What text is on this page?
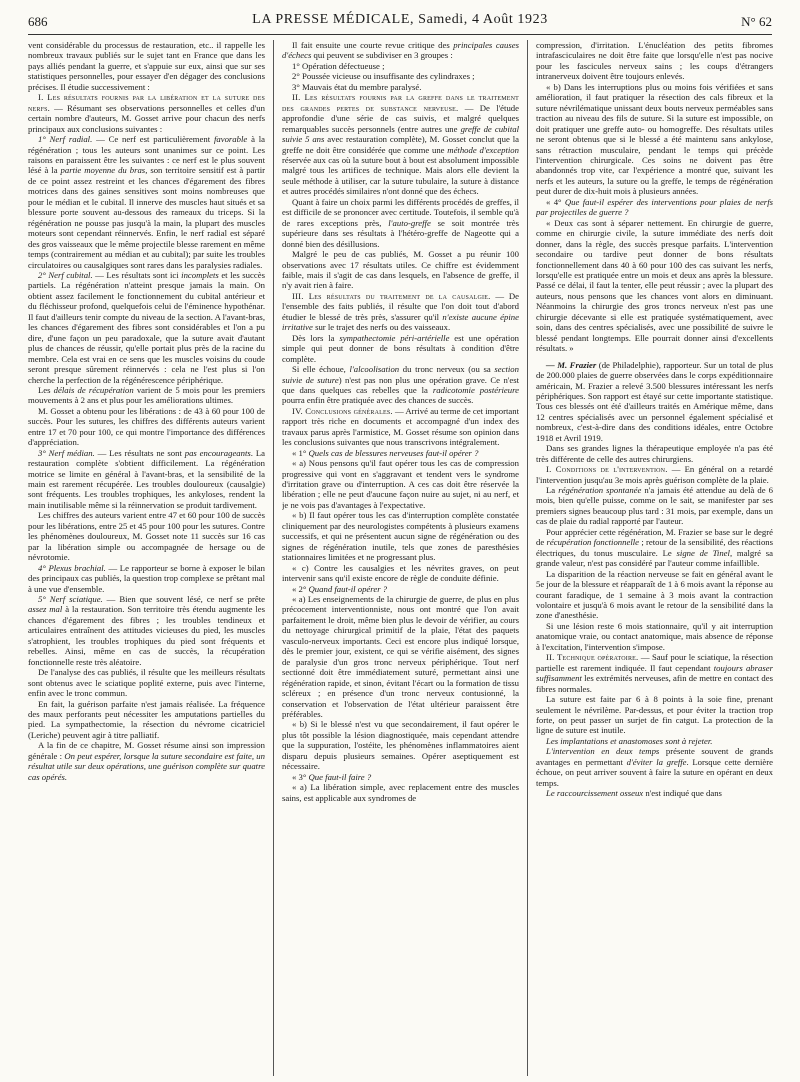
686	LA PRESSE MÉDICALE, Samedi, 4 Août 1923	N° 62

vent considérable du processus de restauration, etc.. il rappelle les nombreux travaux publiés sur le sujet tant en France que dans les pays alliés pendant la guerre, et s'appuie sur eux, ainsi que sur ses statistiques personnelles, pour essayer d'en dégager des conclusions précises. Il étudie successivement :

I. Les résultats fournis par la libération et la suture des nerfs. — Résumant ses observations personnelles et celles d'un certain nombre d'auteurs, M. Gosset arrive pour chacun des nerfs principaux aux conclusions suivantes :

1° Nerf radial. — Ce nerf est particulièrement favorable à la régénération ; tous les auteurs sont unanimes sur ce point. Les raisons en paraissent être les suivantes : ce nerf est le plus souvent lésé à la partie moyenne du bras, son territoire sensitif est à partir de ce point assez restreint et les chances d'égarement des fibres motrices dans des gaines sensitives sont moins nombreuses que pour le médian et le cubital. Il innerve des muscles haut situés et sa blessure porte souvent au-dessous des rameaux du triceps. Si la régénération ne pousse pas jusqu'à la main, la plupart des muscles moteurs sont cependant réinnervés. Enfin, le nerf radial est séparé des gros vaisseaux que le même projectile blesse rarement en même temps (contrairement au médian et au cubital); par suite les troubles circulatoires ou causalgiques sont rares dans les paralysies radiales.

2° Nerf cubital. — Les résultats sont ici incomplets et les succès partiels. La régénération n'atteint presque jamais la main. On obtient assez facilement le fonctionnement du cubital antérieur et du fléchisseur profond, quelquefois celui de l'éminence hypothénar. Il faut d'ailleurs tenir compte du niveau de la section. A l'avant-bras, les chances d'égarement des fibres sont considérables et l'on a pu dire, d'une façon un peu paradoxale, que la suture avait d'autant plus de chances de réussir, qu'elle portait plus près de la racine du membre. Cela est vrai en ce sens que les muscles voisins du coude seront presque sûrement réinnervés : cela ne l'est plus si l'on cherche la perfection de la régénérescence périphérique.

Les délais de récupération varient de 5 mois pour les premiers mouvements à 2 ans et plus pour les améliorations ultimes.

M. Gosset a obtenu pour les libérations : de 43 à 60 pour 100 de succès. Pour les sutures, les chiffres des différents auteurs varient entre 17 et 70 pour 100, ce qui montre l'importance des différences d'appréciation.

3° Nerf médian. — Les résultats ne sont pas encourageants. La restauration complète s'obtient difficilement. La régénération motrice se limite en général à l'avant-bras, et la sensibilité de la main est rarement récupérée. Les troubles douloureux (causalgie) sont fréquents. Les troubles trophiques, les ankyloses, rendent la main inutilisable même si la réinnervation se produit tardivement.

Les chiffres des auteurs varient entre 47 et 60 pour 100 de succès pour les libérations, entre 25 et 45 pour 100 pour les sutures. Contre les phénomènes douloureux, M. Gosset note 11 succès sur 16 cas par la libération simple ou accompagnée de hersage ou de névrotomie.

4° Plexus brachial. — Le rapporteur se borne à exposer le bilan des principaux cas publiés, la question trop complexe se prêtant mal à une vue d'ensemble.

5° Nerf sciatique. — Bien que souvent lésé, ce nerf se prête assez mal à la restauration. Son territoire très étendu augmente les chances d'égarement des fibres ; les troubles tendineux et articulaires entraînent des attitudes vicieuses du pied, les muscles s'atrophient, les troubles trophiques du pied sont fréquents et rebelles. Ainsi, même en cas de succès, la récupération fonctionnelle reste très aléatoire.

De l'analyse des cas publiés, il résulte que les meilleurs résultats sont obtenus avec le sciatique poplité externe, puis avec l'interne, enfin avec le tronc commun.

En fait, la guérison parfaite n'est jamais réalisée. La fréquence des maux perforants peut nécessiter les amputations partielles du pied. La sympathectomie, la résection du névrome cicatriciel (Leriche) peuvent agir à titre palliatif.

A la fin de ce chapitre, M. Gosset résume ainsi son impression générale : On peut espérer, lorsque la suture secondaire est faite, un résultat utile sur deux opérations, une guérison complète sur quatre cas opérés.

Il fait ensuite une courte revue critique des principales causes d'échecs qui peuvent se subdiviser en 3 groupes :

1° Opération défectueuse ;

2° Poussée vicieuse ou insuffisante des cylindraxes ;

3° Mauvais état du membre paralysé.

II. Les résultats fournis par la greffe dans le traitement des grandes pertes de substance nerveuse. — De l'étude approfondie d'une série de cas suivis, et malgré quelques remarquables succès personnels (entre autres une greffe de cubital suivie 5 ans avec restauration complète), M. Gosset conclut que la greffe ne doit être considérée que comme une méthode d'exception réservée aux cas où la suture bout à bout est absolument impossible malgré tous les artifices de technique. Mais alors elle devient la seule méthode à utiliser, car la suture tubulaire, la suture à distance et autres procédés similaires n'ont donné que des échecs.

Quant à faire un choix parmi les différents procédés de greffes, il est difficile de se prononcer avec certitude. Toutefois, il semble qu'à de rares exceptions près, l'auto-greffe se soit montrée très supérieure dans ses résultats à l'hétéro-greffe de Nageotte qui a donné bien des désillusions.

Malgré le peu de cas publiés, M. Gosset a pu réunir 100 observations avec 17 résultats utiles. Ce chiffre est évidemment faible, mais il s'agit de cas dans lesquels, en l'absence de greffe, il n'y avait rien à faire.

III. Les résultats du traitement de la causalgie. — De l'ensemble des faits publiés, il résulte que l'on doit tout d'abord étudier le blessé de très près, s'assurer qu'il n'existe aucune épine irritative sur le trajet des nerfs ou des vaisseaux.

Dès lors la sympathectomie péri-artérielle est une opération simple qui peut donner de bons résultats à condition d'être complète.

Si elle échoue, l'alcoolisation du tronc nerveux (ou sa section suivie de suture) n'est pas non plus une opération grave. Ce n'est que dans quelques cas rebelles que la radicotomie postérieure pourra enfin être pratiquée avec des chances de succès.

IV. Conclusions générales. — Arrivé au terme de cet important rapport très riche en documents et accompagné d'un index des travaux parus après l'armistice, M. Gosset résume son opinion dans les conclusions suivantes que nous transcrivons intégralement.

« 1° Quels cas de blessures nerveuses faut-il opérer ?

« a) Nous pensons qu'il faut opérer tous les cas de compression progressive qui vont en s'aggravant et tendent vers le syndrome d'irritation grave ou d'interruption. A ces cas doit être réservée la libération ; elle ne peut d'aucune façon nuire au sujet, ni au nerf, et je ne vois pas d'avantages à l'expectative.

« b) Il faut opérer tous les cas d'interruption complète constatée cliniquement par des neurologistes compétents à plusieurs examens successifs, et qui ne présentent aucun signe de régénération ou des signes de régénération inutile, tels que zones de paresthésies stationnaires limitées et ne progressant plus.

« c) Contre les causalgies et les névrites graves, on peut intervenir sans qu'il existe encore de règle de conduite définie.

« 2° Quand faut-il opérer ?

« a) Les enseignements de la chirurgie de guerre, de plus en plus précocement interventionniste, nous ont montré que l'on avait parfaitement le droit, même bien plus le devoir de vérifier, au cours du nettoyage chirurgical primitif de la plaie, l'état des paquets vasculo-nerveux importants. Ceci est encore plus indiqué lorsque, dès le premier jour, existent, ce qui se vérifie aisément, des signes de paralysie d'un gros tronc nerveux périphérique. Tout nerf sectionné doit être immédiatement suturé, permettant ainsi une régénération rapide, et sinon, évitant l'écart ou la formation de tissu scléreux ; en présence d'un tronc nerveux contusionné, la conservation et l'observation de l'état ultérieur paraissent être préférables.

« b) Si le blessé n'est vu que secondairement, il faut opérer le plus tôt possible la lésion diagnostiquée, mais cependant attendre que la suppuration, l'ostéite, les phénomènes inflammatoires aient disparu depuis plusieurs semaines. Opérer aseptiquement est nécessaire.

« 3° Que faut-il faire ?

« a) La libération simple, avec replacement entre des muscles sains, est applicable aux syndromes de

compression, d'irritation. L'énucléation des petits fibromes intrafasciculaires ne doit être faite que lorsqu'elle n'est pas nocive pour les fascicules nerveux sains ; les coups d'étrangers intranerveux doivent être toujours enlevés.

« b) Dans les interruptions plus ou moins fois vérifiées et sans amélioration, il faut pratiquer la résection des cals fibreux et la suture névrilématique unissant deux bouts nerveux perméables sans traction au niveau des fils de suture. Si la suture est impossible, on doit pratiquer une greffe auto- ou homogreffe. Des résultats utiles ne seront obtenus que si le blessé a été maintenu sans ankylose, sans rétraction musculaire, pendant le temps qui précède l'intervention chirurgicale. Ces soins ne doivent pas être abandonnés trop vite, car l'expérience a montré que, suivant les nerfs et les auteurs, la suture ou la greffe, le temps de régénération peut durer de dix-huit mois à plusieurs années.

« 4° Que faut-il espérer des interventions pour plaies de nerfs par projectiles de guerre ?

« Deux cas sont à séparer nettement. En chirurgie de guerre, comme en chirurgie civile, la suture immédiate des nerfs doit donner, dans la règle, des succès presque parfaits. L'intervention secondaire ou tardive peut donner de bons résultats fonctionnellement dans 40 à 60 pour 100 des cas suivant les nerfs, lorsqu'elle est pratiquée entre un mois et deux ans après la blessure. Passé ce délai, il faut la tenter, elle peut réussir ; avec la plupart des auteurs, nous pensons que les chances vont alors en diminuant. Néanmoins la chirurgie des gros troncs nerveux n'est pas une chirurgie décevante si elle est pratiquée systématiquement, avec soin, dans des centres spécialisés, avec une possibilité de suivre le blessé pendant longtemps. Elle pourrait donner ainsi d'excellents résultats. »

— M. Frazier (de Philadelphie), rapporteur. Sur un total de plus de 200.000 plaies de guerre observées dans le corps expéditionnaire américain, M. Frazier a relevé 3.500 blessures intéressant les nerfs périphériques. Son rapport est étayé sur cette importante statistique. Tous ces blessés ont été d'ailleurs traités en Amérique même, dans 12 centres spécialisés avec un personnel également spécialisé et nombreux, c'est-à-dire dans des conditions idéales, entre Octobre 1918 et Avril 1919.

Dans ses grandes lignes la thérapeutique employée n'a pas été très différente de celle des autres chirurgiens.

I. Conditions de l'intervention. — En général on a retardé l'intervention jusqu'au 3e mois après guérison complète de la plaie.

La régénération spontanée n'a jamais été attendue au delà de 6 mois, bien qu'elle puisse, comme on le sait, se manifester par ses premiers signes beaucoup plus tard : 31 mois, par exemple, dans un cas de plaie du radial rapporté par l'auteur.

Pour apprécier cette régénération, M. Frazier se base sur le degré de récupération fonctionnelle ; retour de la sensibilité, des réactions électriques, du tonus musculaire. Le signe de Tinel, malgré sa grande valeur, n'est pas considéré par l'auteur comme infaillible.

La disparition de la réaction nerveuse se fait en général avant le 5e jour de la blessure et réapparaît de 1 à 6 mois avant la réponse au courant faradique, de 1 semaine à 3 mois avant la contraction volontaire et jusqu'à 6 mois avant le retour de la sensibilité dans la zone d'anesthésie.

Si une lésion reste 6 mois stationnaire, qu'il y ait interruption anatomique vraie, ou contact anatomique, mais absence de réponse à l'excitation, l'intervention s'impose.

II. Technique opératoire. — Sauf pour le sciatique, la résection partielle est rarement indiquée. Il faut cependant toujours abraser suffisamment les extrémités nerveuses, afin de mettre en contact des fibres normales.

La suture est faite par 6 à 8 points à la soie fine, prenant seulement le névrilème. Par-dessus, et pour éviter la traction trop forte, on peut passer un surjet de fin catgut. La protection de la ligne de suture est inutile.

Les implantations et anastomoses sont à rejeter.

L'intervention en deux temps présente souvent de grands avantages en permettant d'éviter la greffe. Lorsque cette dernière échoue, on peut arriver souvent à faire la suture en opérant en deux temps.

Le raccourcissement osseux n'est indiqué que dans
